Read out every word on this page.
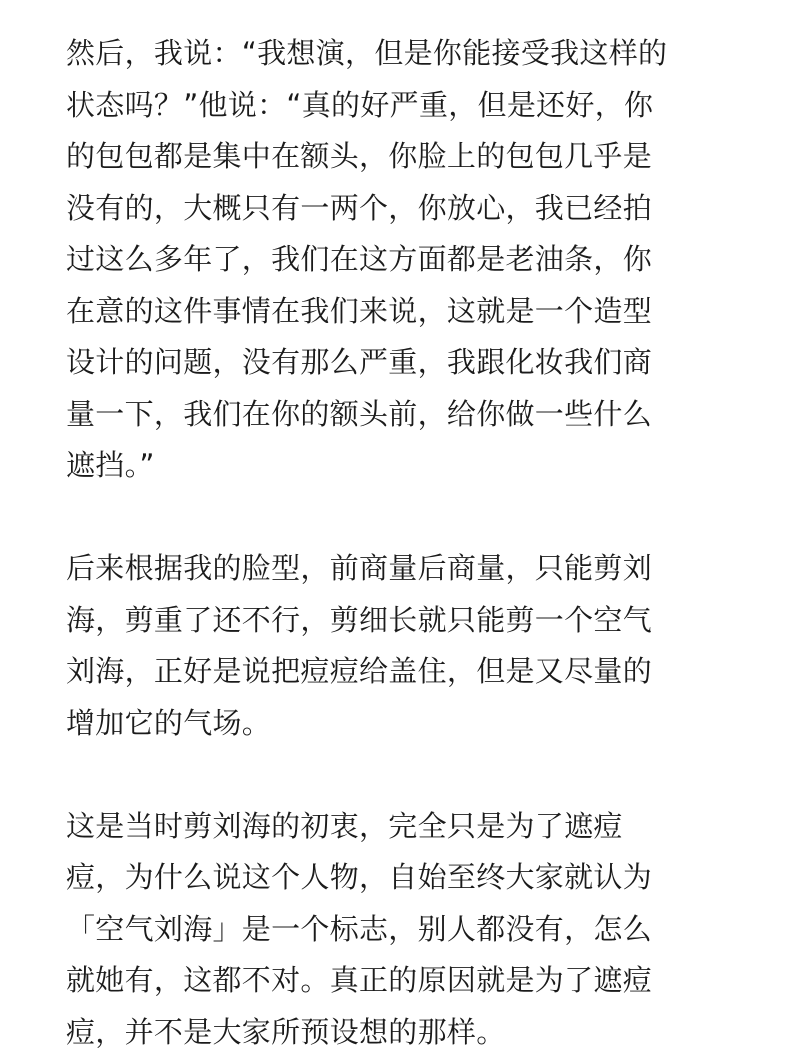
然后，我说：“我想演，但是你能接受我这样的
状态吗？”他说：“真的好严重，但是还好，你
的包包都是集中在额头，你脸上的包包几乎是
没有的，大概只有一两个，你放心，我已经拍
过这么多年了，我们在这方面都是老油条，你
在意的这件事情在我们来说，这就是一个造型
设计的问题，没有那么严重，我跟化妆我们商
量一下，我们在你的额头前，给你做一些什么
遮挡。”

后来根据我的脸型，前商量后商量，只能剪刘
海，剪重了还不行，剪细长就只能剪一个空气
刘海，正好是说把痘痘给盖住，但是又尽量的
增加它的气场。

这是当时剪刘海的初衷，完全只是为了遮痘
痘，为什么说这个人物，自始至终大家就认为
「空气刘海」是一个标志，别人都没有，怎么
就她有，这都不对。真正的原因就是为了遮痘
痘，并不是大家所预设想的那样。
